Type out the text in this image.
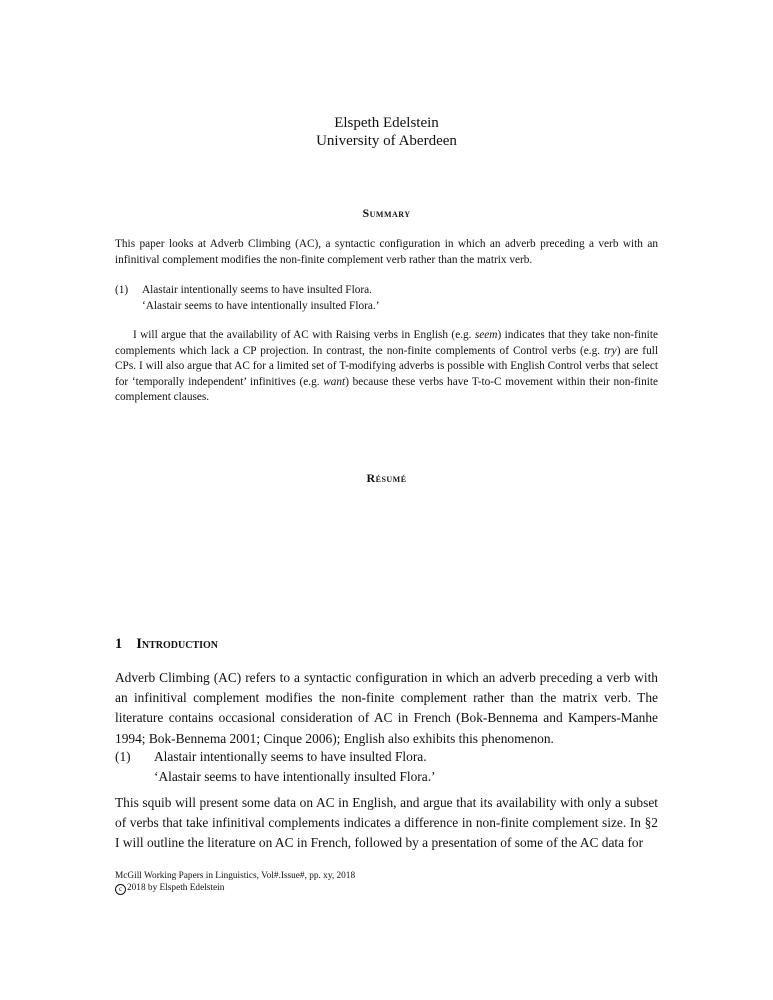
Elspeth Edelstein
University of Aberdeen
Summary
This paper looks at Adverb Climbing (AC), a syntactic configuration in which an adverb preceding a verb with an infinitival complement modifies the non-finite complement verb rather than the matrix verb.
(1) Alastair intentionally seems to have insulted Flora.
‘Alastair seems to have intentionally insulted Flora.’
I will argue that the availability of AC with Raising verbs in English (e.g. seem) indicates that they take non-finite complements which lack a CP projection. In contrast, the non-finite complements of Control verbs (e.g. try) are full CPs. I will also argue that AC for a limited set of T-modifying adverbs is possible with English Control verbs that select for ‘temporally independent’ infinitives (e.g. want) because these verbs have T-to-C movement within their non-finite complement clauses.
Résumé
1 Introduction
Adverb Climbing (AC) refers to a syntactic configuration in which an adverb preceding a verb with an infinitival complement modifies the non-finite complement rather than the matrix verb. The literature contains occasional consideration of AC in French (Bok-Bennema and Kampers-Manhe 1994; Bok-Bennema 2001; Cinque 2006); English also exhibits this phenomenon.
(1) Alastair intentionally seems to have insulted Flora.
‘Alastair seems to have intentionally insulted Flora.’
This squib will present some data on AC in English, and argue that its availability with only a subset of verbs that take infinitival complements indicates a difference in non-finite complement size. In §2 I will outline the literature on AC in French, followed by a presentation of some of the AC data for
McGill Working Papers in Linguistics, Vol#.Issue#, pp. xy, 2018
c 2018 by Elspeth Edelstein
